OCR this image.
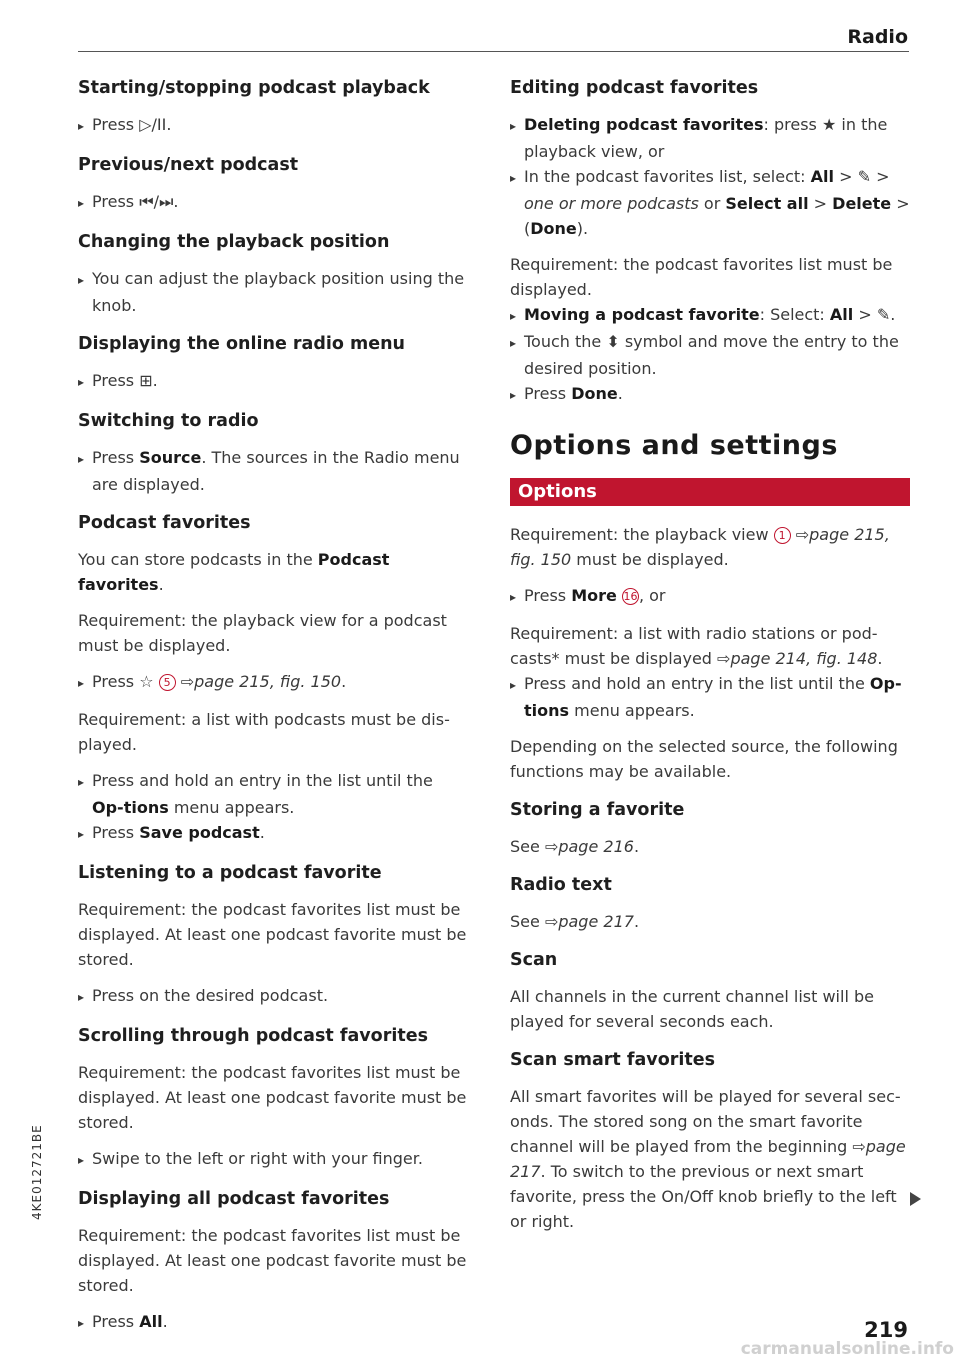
Radio
Starting/stopping podcast playback
▸ Press ▷/II.
Previous/next podcast
▸ Press ⏮/⏭.
Changing the playback position
▸ You can adjust the playback position using the knob.
Displaying the online radio menu
▸ Press ⊞.
Switching to radio
▸ Press Source. The sources in the Radio menu are displayed.
Podcast favorites

You can store podcasts in the Podcast favorites.

Requirement: the playback view for a podcast must be displayed.

▸ Press ☆ 5 ⇨page 215, fig. 150.

Requirement: a list with podcasts must be dis-played.

▸ Press and hold an entry in the list until the Op-tions menu appears.
▸ Press Save podcast.
Listening to a podcast favorite

Requirement: the podcast favorites list must be displayed. At least one podcast favorite must be stored.

▸ Press on the desired podcast.
Scrolling through podcast favorites

Requirement: the podcast favorites list must be displayed. At least one podcast favorite must be stored.

▸ Swipe to the left or right with your finger.
Displaying all podcast favorites

Requirement: the podcast favorites list must be displayed. At least one podcast favorite must be stored.

▸ Press All.
Editing podcast favorites
▸ Deleting podcast favorites: press ★ in the playback view, or
▸ In the podcast favorites list, select: All > ✎ > one or more podcasts or Select all > Delete > (Done).

Requirement: the podcast favorites list must be displayed.

▸ Moving a podcast favorite: Select: All > ✎.
▸ Touch the ⬍ symbol and move the entry to the desired position.
▸ Press Done.
Options and settings
Options

Requirement: the playback view 1 ⇨page 215, fig. 150 must be displayed.

▸ Press More 16, or

Requirement: a list with radio stations or pod-casts* must be displayed ⇨page 214, fig. 148.

▸ Press and hold an entry in the list until the Op-tions menu appears.

Depending on the selected source, the following functions may be available.

Storing a favorite

See ⇨page 216.

Radio text

See ⇨page 217.

Scan

All channels in the current channel list will be played for several seconds each.

Scan smart favorites

All smart favorites will be played for several sec-onds. The stored song on the smart favorite channel will be played from the beginning ⇨page 217. To switch to the previous or next smart favorite, press the On/Off knob briefly to the left or right.

4KE012721BE
219
carmanualsonline.info
